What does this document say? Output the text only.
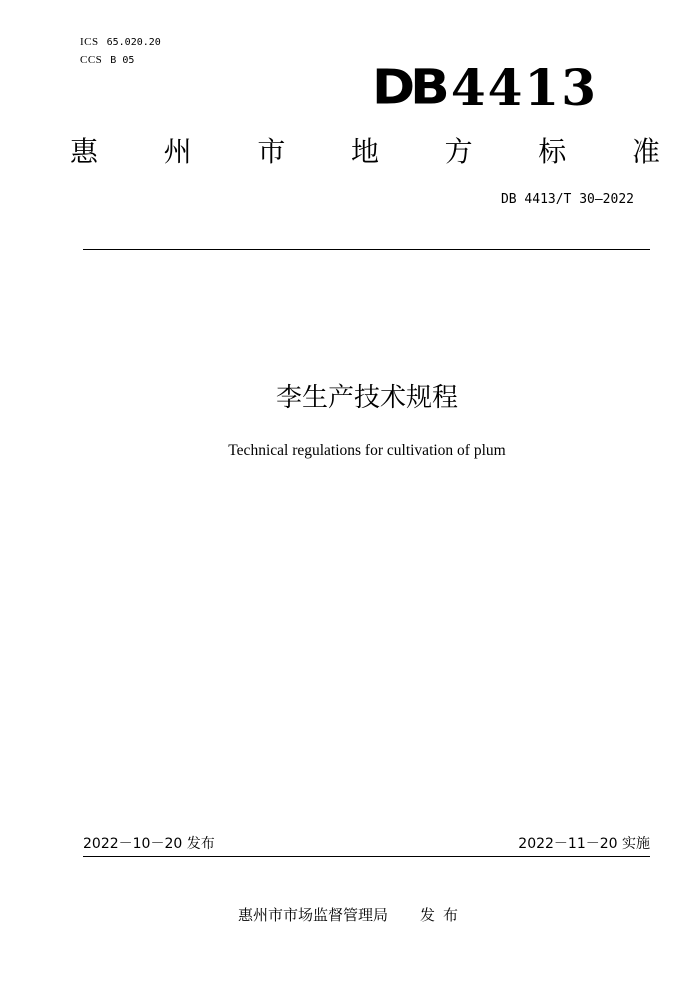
ICS 65.020.20
CCS B 05	DB 4413
惠 州 市 地 方 标 准
DB 4413/T 30—2022
李生产技术规程
Technical regulations for cultivation of plum
2022－10－20 发布	2022－11－20 实施
惠州市市场监督管理局 发布
